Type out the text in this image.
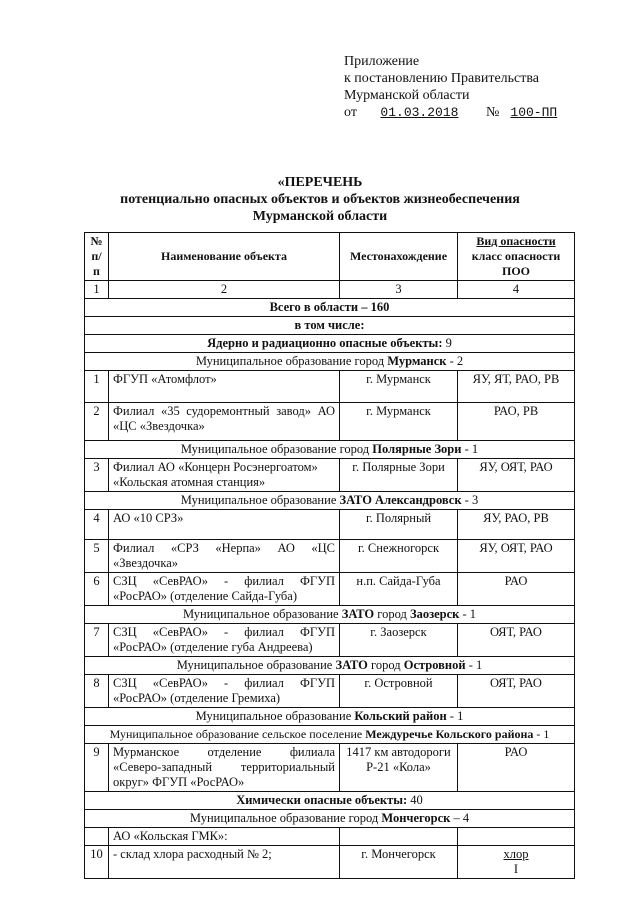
Приложение
к постановлению Правительства
Мурманской области
от 01.03.2018 № 100-ПП
«ПЕРЕЧЕНЬ
потенциально опасных объектов и объектов жизнеобеспечения
Мурманской области
№ п/п	Наименование объекта	Местонахождение	Вид опасности
класс опасности ПОО

1	2	3	4
Всего в области – 160			
в том числе:			
Ядерно и радиационно опасные объекты: 9			
Муниципальное образование город Мурманск - 2			
1	ФГУП «Атомфлот»	г. Мурманск	ЯУ, ЯТ, РАО, РВ
2	Филиал «35 судоремонтный завод» АО «ЦС «Звездочка»	г. Мурманск	РАО, РВ
Муниципальное образование город Полярные Зори - 1			
3	Филиал АО «Концерн Росэнергоатом» «Кольская атомная станция»	г. Полярные Зори	ЯУ, ОЯТ, РАО
Муниципальное образование ЗАТО Александровск - 3			
4	АО «10 СРЗ»	г. Полярный	ЯУ, РАО, РВ
5	Филиал «СРЗ «Нерпа» АО «ЦС «Звездочка»	г. Снежногорск	ЯУ, ОЯТ, РАО
6	СЗЦ «СевРАО» - филиал ФГУП «РосРАО» (отделение Сайда-Губа)	н.п. Сайда-Губа	РАО
Муниципальное образование ЗАТО город Заозерск - 1			
7	СЗЦ «СевРАО» - филиал ФГУП «РосРАО» (отделение губа Андреева)	г. Заозерск	ОЯТ, РАО
Муниципальное образование ЗАТО город Островной - 1			
8	СЗЦ «СевРАО» - филиал ФГУП «РосРАО» (отделение Гремиха)	г. Островной	ОЯТ, РАО
Муниципальное образование Кольский район - 1			
Муниципальное образование сельское поселение Междуречье Кольского района - 1			
9	Мурманское отделение филиала «Северо-западный территориальный округ» ФГУП «РосРАО»	1417 км автодороги Р-21 «Кола»	РАО
Химически опасные объекты: 40			
Муниципальное образование город Мончегорск – 4			
	АО «Кольская ГМК»:		
10	- склад хлора расходный № 2;	г. Мончегорск	хлор
I
